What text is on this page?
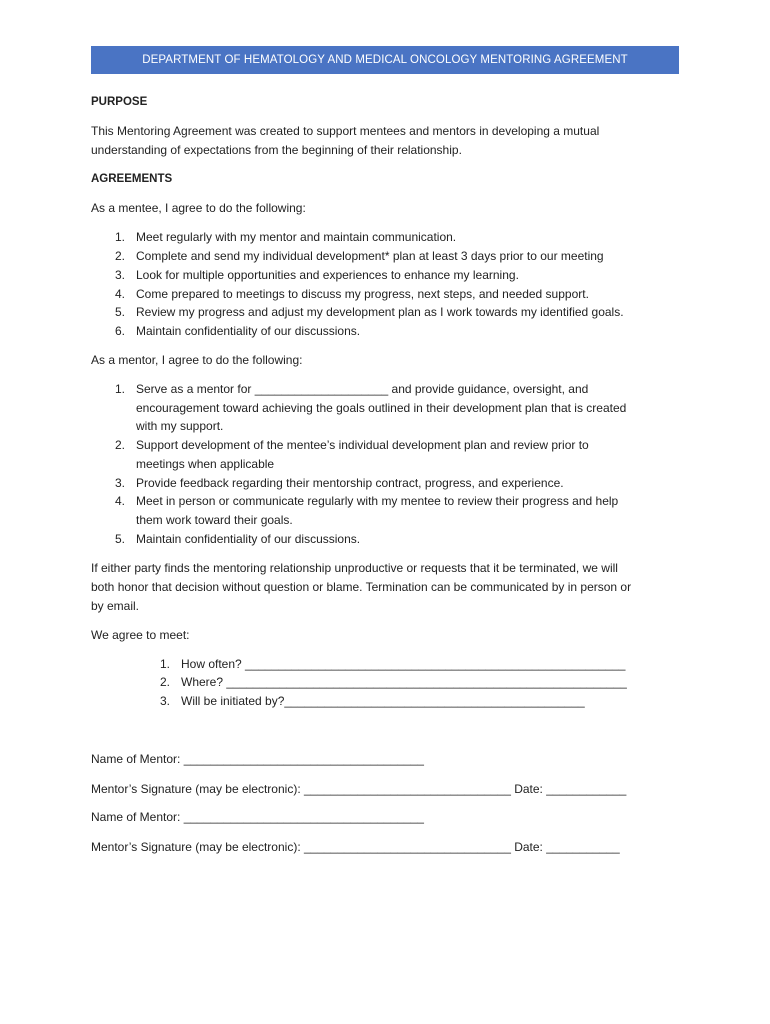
DEPARTMENT OF HEMATOLOGY AND MEDICAL ONCOLOGY MENTORING AGREEMENT
PURPOSE
This Mentoring Agreement was created to support mentees and mentors in developing a mutual
understanding of expectations from the beginning of their relationship.
AGREEMENTS
As a mentee, I agree to do the following:
1. Meet regularly with my mentor and maintain communication.
2. Complete and send my individual development* plan at least 3 days prior to our meeting
3. Look for multiple opportunities and experiences to enhance my learning.
4. Come prepared to meetings to discuss my progress, next steps, and needed support.
5. Review my progress and adjust my development plan as I work towards my identified goals.
6. Maintain confidentiality of our discussions.
As a mentor, I agree to do the following:
1. Serve as a mentor for ____________________ and provide guidance, oversight, and
encouragement toward achieving the goals outlined in their development plan that is created
with my support.
2. Support development of the mentee’s individual development plan and review prior to
meetings when applicable
3. Provide feedback regarding their mentorship contract, progress, and experience.
4. Meet in person or communicate regularly with my mentee to review their progress and help
them work toward their goals.
5. Maintain confidentiality of our discussions.
If either party finds the mentoring relationship unproductive or requests that it be terminated, we will
both honor that decision without question or blame. Termination can be communicated by in person or
by email.
We agree to meet:
1. How often? _________________________________________________________
2. Where? ____________________________________________________________
3. Will be initiated by?_____________________________________________
Name of Mentor: ____________________________________
Mentor’s Signature (may be electronic): _______________________________ Date: ____________
Name of Mentor: ____________________________________
Mentor’s Signature (may be electronic): _______________________________ Date: ___________
